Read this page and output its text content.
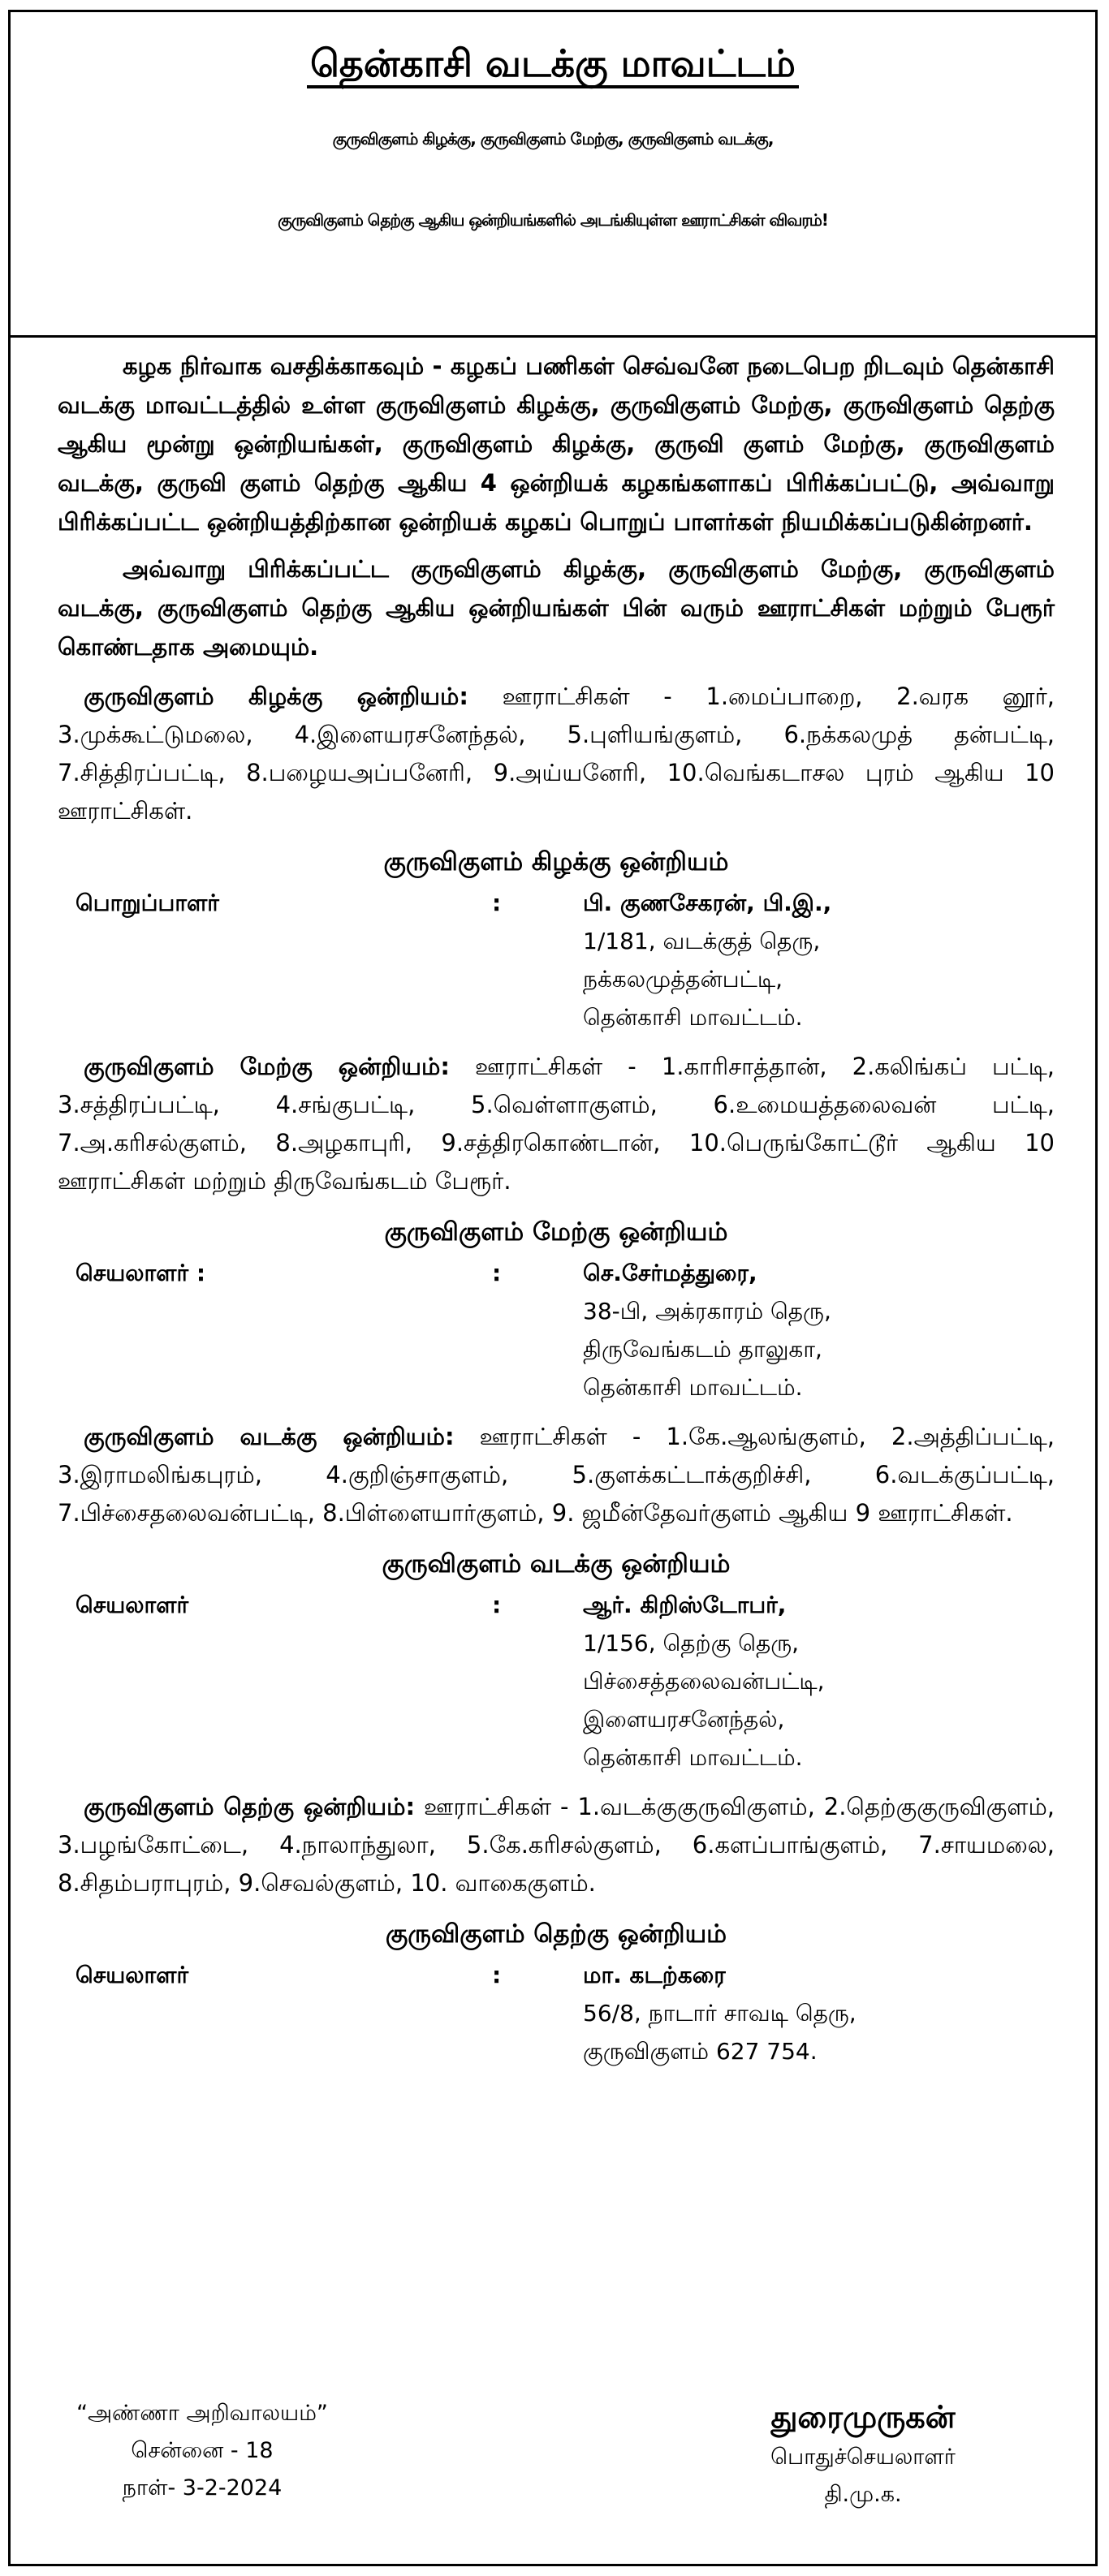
தென்காசி வடக்கு மாவட்டம்
குருவிகுளம் கிழக்கு, குருவிகுளம் மேற்கு, குருவிகுளம் வடக்கு,
குருவிகுளம் தெற்கு ஆகிய ஒன்றியங்களில் அடங்கியுள்ள ஊராட்சிகள் விவரம்!

கழக நிர்வாக வசதிக்காகவும் - கழகப் பணிகள் செவ்வனே நடைபெற றிடவும் தென்காசி வடக்கு மாவட்டத்தில் உள்ள குருவிகுளம் கிழக்கு, குருவிகுளம் மேற்கு, குருவிகுளம் தெற்கு ஆகிய மூன்று ஒன்றியங்கள், குருவிகுளம் கிழக்கு, குருவி குளம் மேற்கு, குருவிகுளம் வடக்கு, குருவி குளம் தெற்கு ஆகிய 4 ஒன்றியக் கழகங்களாகப் பிரிக்கப்பட்டு, அவ்வாறு பிரிக்கப்பட்ட ஒன்றியத்திற்கான ஒன்றியக் கழகப் பொறுப் பாளர்கள் நியமிக்கப்படுகின்றனர்.

அவ்வாறு பிரிக்கப்பட்ட குருவிகுளம் கிழக்கு, குருவிகுளம் மேற்கு, குருவிகுளம் வடக்கு, குருவிகுளம் தெற்கு ஆகிய ஒன்றியங்கள் பின் வரும் ஊராட்சிகள் மற்றும் பேரூர் கொண்டதாக அமையும்.

குருவிகுளம் கிழக்கு ஒன்றியம்: ஊராட்சிகள் - 1.மைப்பாறை, 2.வரக னூர், 3.முக்கூட்டுமலை, 4.இளையரசனேந்தல், 5.புளியங்குளம், 6.நக்கலமுத் தன்பட்டி, 7.சித்திரப்பட்டி, 8.பழையஅப்பனேரி, 9.அய்யனேரி, 10.வெங்கடாசல புரம் ஆகிய 10 ஊராட்சிகள்.
குருவிகுளம் கிழக்கு ஒன்றியம்
பொறுப்பாளர்	:	பி. குணசேகரன், பி.இ.,
1/181, வடக்குத் தெரு,
நக்கலமுத்தன்பட்டி,
தென்காசி மாவட்டம்.
குருவிகுளம் மேற்கு ஒன்றியம்: ஊராட்சிகள் - 1.காரிசாத்தான், 2.கலிங்கப் பட்டி, 3.சத்திரப்பட்டி, 4.சங்குபட்டி, 5.வெள்ளாகுளம், 6.உமையத்தலைவன் பட்டி, 7.அ.கரிசல்குளம், 8.அழகாபுரி, 9.சத்திரகொண்டான், 10.பெருங்கோட்டூர் ஆகிய 10 ஊராட்சிகள் மற்றும் திருவேங்கடம் பேரூர்.
குருவிகுளம் மேற்கு ஒன்றியம்
செயலாளர் :	:	செ.சேர்மத்துரை,
38-பி, அக்ரகாரம் தெரு,
திருவேங்கடம் தாலுகா,
தென்காசி மாவட்டம்.
குருவிகுளம் வடக்கு ஒன்றியம்: ஊராட்சிகள் - 1.கே.ஆலங்குளம், 2.அத்திப்பட்டி, 3.இராமலிங்கபுரம், 4.குறிஞ்சாகுளம், 5.குளக்கட்டாக்குறிச்சி, 6.வடக்குப்பட்டி, 7.பிச்சைதலைவன்பட்டி, 8.பிள்ளையார்குளம், 9. ஜமீன்தேவர்குளம் ஆகிய 9 ஊராட்சிகள்.
குருவிகுளம் வடக்கு ஒன்றியம்
செயலாளர்	:	ஆர். கிறிஸ்டோபர்,
1/156, தெற்கு தெரு,
பிச்சைத்தலைவன்பட்டி,
இளையரசனேந்தல்,
தென்காசி மாவட்டம்.
குருவிகுளம் தெற்கு ஒன்றியம்: ஊராட்சிகள் - 1.வடக்குகுருவிகுளம், 2.தெற்குகுருவிகுளம், 3.பழங்கோட்டை, 4.நாலாந்துலா, 5.கே.கரிசல்குளம், 6.களப்பாங்குளம், 7.சாயமலை, 8.சிதம்பராபுரம், 9.செவல்குளம், 10. வாகைகுளம்.
குருவிகுளம் தெற்கு ஒன்றியம்
செயலாளர்	:	மா. கடற்கரை
56/8, நாடார் சாவடி தெரு,
குருவிகுளம் 627 754.
“அண்ணா அறிவாலயம்”
சென்னை - 18
நாள்- 3-2-2024
துரைமுருகன்
பொதுச்செயலாளர்
தி.மு.க.
